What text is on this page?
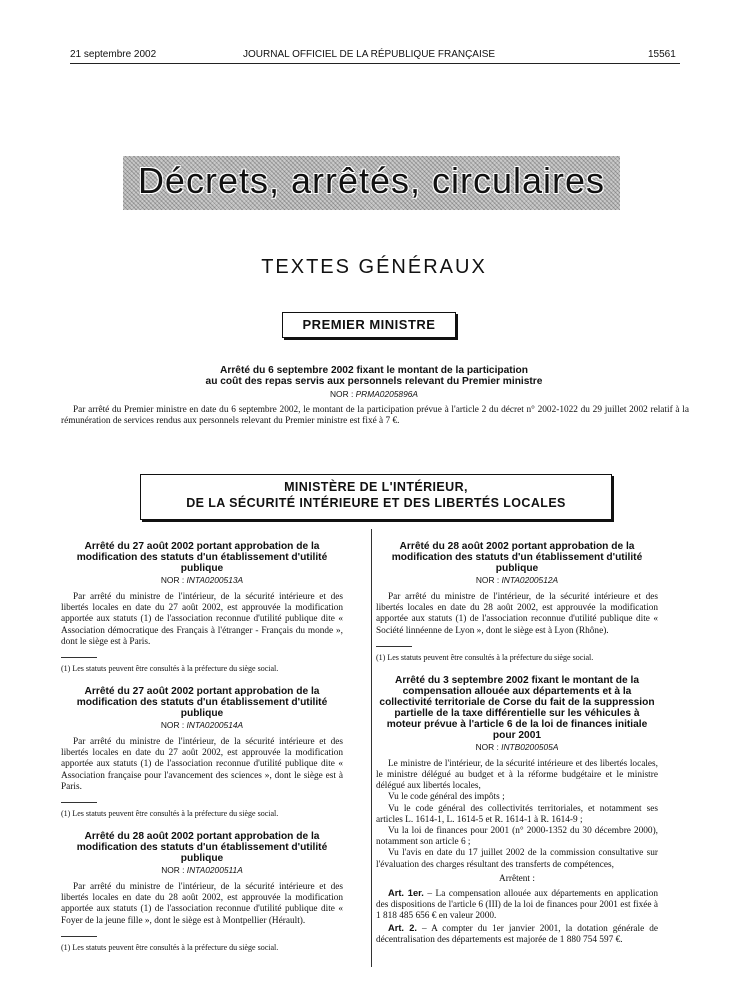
21 septembre 2002	JOURNAL OFFICIEL DE LA RÉPUBLIQUE FRANÇAISE	15561
Décrets, arrêtés, circulaires
TEXTES GÉNÉRAUX
PREMIER MINISTRE
Arrêté du 6 septembre 2002 fixant le montant de la participation
au coût des repas servis aux personnels relevant du Premier ministre
NOR : PRMA0205896A

Par arrêté du Premier ministre en date du 6 septembre 2002, le montant de la participation prévue à l'article 2 du décret n° 2002-1022 du 29 juillet 2002 relatif à la rémunération de services rendus aux personnels relevant du Premier ministre est fixé à 7 €.

MINISTÈRE DE L'INTÉRIEUR,
DE LA SÉCURITÉ INTÉRIEURE ET DES LIBERTÉS LOCALES
Arrêté du 27 août 2002 portant approbation de la modification des statuts d'un établissement d'utilité publique
NOR : INTA0200513A

Par arrêté du ministre de l'intérieur, de la sécurité intérieure et des libertés locales en date du 27 août 2002, est approuvée la modification apportée aux statuts (1) de l'association reconnue d'utilité publique dite « Association démocratique des Français à l'étranger - Français du monde », dont le siège est à Paris.

(1) Les statuts peuvent être consultés à la préfecture du siège social.
Arrêté du 27 août 2002 portant approbation de la modification des statuts d'un établissement d'utilité publique
NOR : INTA0200514A

Par arrêté du ministre de l'intérieur, de la sécurité intérieure et des libertés locales en date du 27 août 2002, est approuvée la modification apportée aux statuts (1) de l'association reconnue d'utilité publique dite « Association française pour l'avancement des sciences », dont le siège est à Paris.

(1) Les statuts peuvent être consultés à la préfecture du siège social.
Arrêté du 28 août 2002 portant approbation de la modification des statuts d'un établissement d'utilité publique
NOR : INTA0200511A

Par arrêté du ministre de l'intérieur, de la sécurité intérieure et des libertés locales en date du 28 août 2002, est approuvée la modification apportée aux statuts (1) de l'association reconnue d'utilité publique dite « Foyer de la jeune fille », dont le siège est à Montpellier (Hérault).

(1) Les statuts peuvent être consultés à la préfecture du siège social.
Arrêté du 28 août 2002 portant approbation de la modification des statuts d'un établissement d'utilité publique
NOR : INTA0200512A

Par arrêté du ministre de l'intérieur, de la sécurité intérieure et des libertés locales en date du 28 août 2002, est approuvée la modification apportée aux statuts (1) de l'association reconnue d'utilité publique dite « Société linnéenne de Lyon », dont le siège est à Lyon (Rhône).

(1) Les statuts peuvent être consultés à la préfecture du siège social.
Arrêté du 3 septembre 2002 fixant le montant de la compensation allouée aux départements et à la collectivité territoriale de Corse du fait de la suppression partielle de la taxe différentielle sur les véhicules à moteur prévue à l'article 6 de la loi de finances initiale pour 2001
NOR : INTB0200505A

Le ministre de l'intérieur, de la sécurité intérieure et des libertés locales, le ministre délégué au budget et à la réforme budgétaire et le ministre délégué aux libertés locales,

Vu le code général des impôts ;

Vu le code général des collectivités territoriales, et notamment ses articles L. 1614-1, L. 1614-5 et R. 1614-1 à R. 1614-9 ;

Vu la loi de finances pour 2001 (n° 2000-1352 du 30 décembre 2000), notamment son article 6 ;

Vu l'avis en date du 17 juillet 2002 de la commission consultative sur l'évaluation des charges résultant des transferts de compétences,

Arrêtent :

Art. 1er. – La compensation allouée aux départements en application des dispositions de l'article 6 (III) de la loi de finances pour 2001 est fixée à 1 818 485 656 € en valeur 2000.

Art. 2. – A compter du 1er janvier 2001, la dotation générale de décentralisation des départements est majorée de 1 880 754 597 €.
